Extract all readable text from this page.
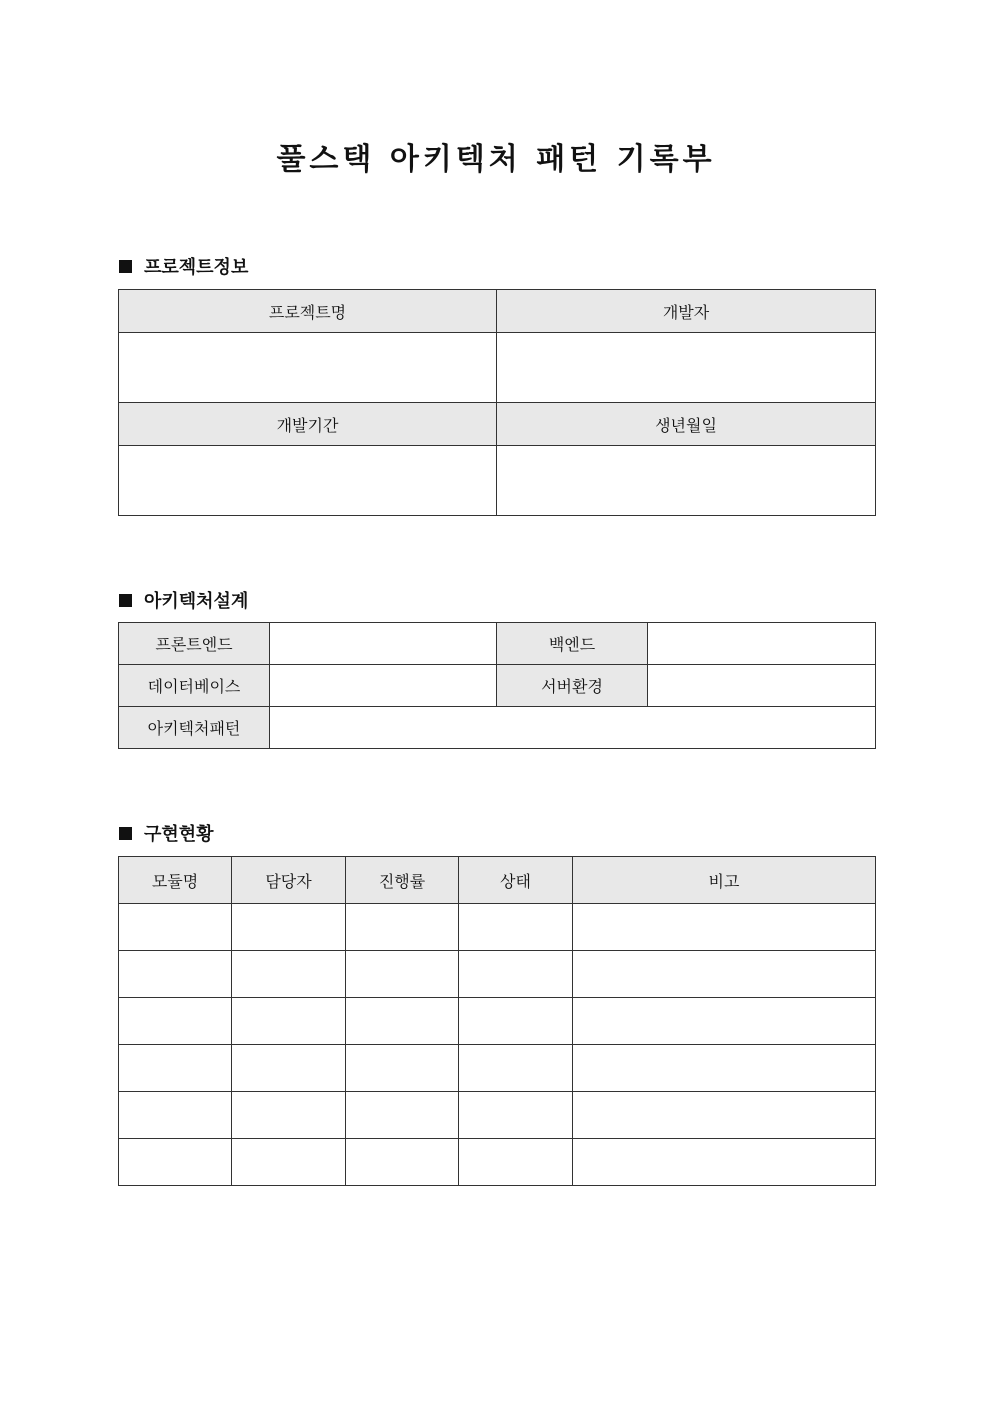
풀스택 아키텍처 패턴 기록부
프로젝트정보
프로젝트명	개발자

개발기간	생년월일

아키텍처설계
프론트엔드		백엔드	
데이터베이스		서버환경	
아키텍처패턴			
구현현황
모듈명	담당자	진행률	상태	비고
